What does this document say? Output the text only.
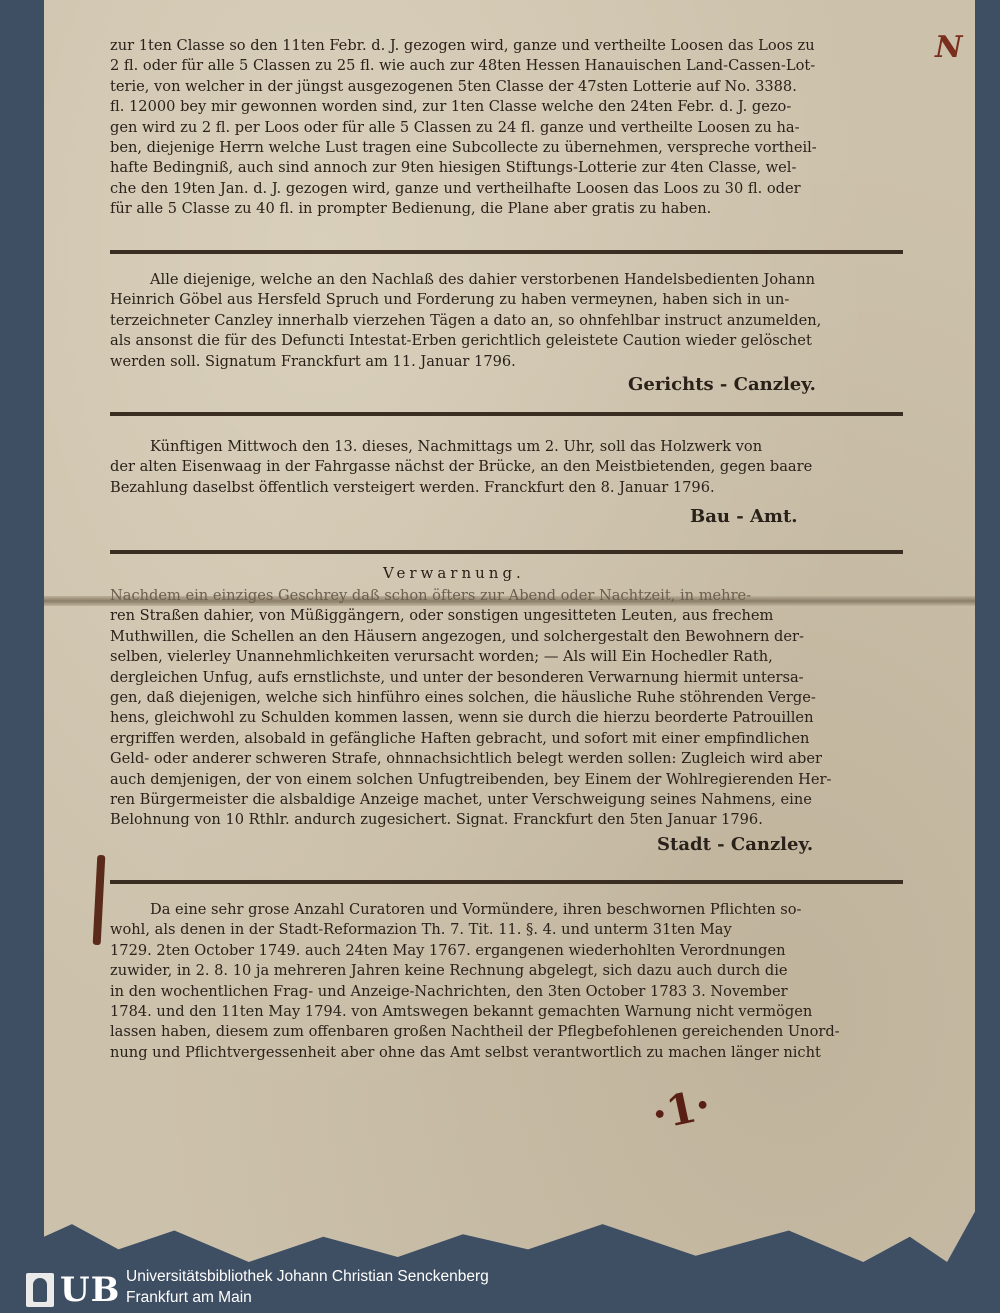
zur 1ten Classe so den 11ten Febr. d. J. gezogen wird, ganze und vertheilte Loosen das Loos zu
2 fl. oder für alle 5 Classen zu 25 fl. wie auch zur 48ten Hessen Hanauischen Land-Cassen-Lot-
terie, von welcher in der jüngst ausgezogenen 5ten Classe der 47sten Lotterie auf No. 3388.
fl. 12000 bey mir gewonnen worden sind, zur 1ten Classe welche den 24ten Febr. d. J. gezo-
gen wird zu 2 fl. per Loos oder für alle 5 Classen zu 24 fl. ganze und vertheilte Loosen zu ha-
ben, diejenige Herrn welche Lust tragen eine Subcollecte zu übernehmen, verspreche vortheil-
hafte Bedingniß, auch sind annoch zur 9ten hiesigen Stiftungs-Lotterie zur 4ten Classe, wel-
che den 19ten Jan. d. J. gezogen wird, ganze und vertheilhafte Loosen das Loos zu 30 fl. oder
für alle 5 Classe zu 40 fl. in prompter Bedienung, die Plane aber gratis zu haben.
Alle diejenige, welche an den Nachlaß des dahier verstorbenen Handelsbedienten Johann
Heinrich Göbel aus Hersfeld Spruch und Forderung zu haben vermeynen, haben sich in un-
terzeichneter Canzley innerhalb vierzehen Tägen a dato an, so ohnfehlbar instruct anzumelden,
als ansonst die für des Defuncti Intestat-Erben gerichtlich geleistete Caution wieder gelöschet
werden soll. Signatum Franckfurt am 11. Januar 1796.
Gerichts - Canzley.
Künftigen Mittwoch den 13. dieses, Nachmittags um 2. Uhr, soll das Holzwerk von
der alten Eisenwaag in der Fahrgasse nächst der Brücke, an den Meistbietenden, gegen baare
Bezahlung daselbst öffentlich versteigert werden. Franckfurt den 8. Januar 1796.
Bau - Amt.
Verwarnung.
Nachdem ein einziges Geschrey daß schon öfters zur Abend oder Nachtzeit, in mehre-
ren Straßen dahier, von Müßiggängern, oder sonstigen ungesitteten Leuten, aus frechem
Muthwillen, die Schellen an den Häusern angezogen, und solchergestalt den Bewohnern der-
selben, vielerley Unannehmlichkeiten verursacht worden; — Als will Ein Hochedler Rath,
dergleichen Unfug, aufs ernstlichste, und unter der besonderen Verwarnung hiermit untersa-
gen, daß diejenigen, welche sich hinführo eines solchen, die häusliche Ruhe stöhrenden Verge-
hens, gleichwohl zu Schulden kommen lassen, wenn sie durch die hierzu beorderte Patrouillen
ergriffen werden, alsobald in gefängliche Haften gebracht, und sofort mit einer empfindlichen
Geld- oder anderer schweren Strafe, ohnnachsichtlich belegt werden sollen: Zugleich wird aber
auch demjenigen, der von einem solchen Unfugtreibenden, bey Einem der Wohlregierenden Her-
ren Bürgermeister die alsbaldige Anzeige machet, unter Verschweigung seines Nahmens, eine
Belohnung von 10 Rthlr. andurch zugesichert. Signat. Franckfurt den 5ten Januar 1796.
Stadt - Canzley.
Da eine sehr grose Anzahl Curatoren und Vormündere, ihren beschwornen Pflichten so-
wohl, als denen in der Stadt-Reformazion Th. 7. Tit. 11. §. 4. und unterm 31ten May
1729. 2ten October 1749. auch 24ten May 1767. ergangenen wiederhohlten Verordnungen
zuwider, in 2. 8. 10 ja mehreren Jahren keine Rechnung abgelegt, sich dazu auch durch die
in den wochentlichen Frag- und Anzeige-Nachrichten, den 3ten October 1783 3. November
1784. und den 11ten May 1794. von Amtswegen bekannt gemachten Warnung nicht vermögen
lassen haben, diesem zum offenbaren großen Nachtheil der Pflegbefohlenen gereichenden Unord-
nung und Pflichtvergessenheit aber ohne das Amt selbst verantwortlich zu machen länger nicht
·1·
N
UB Universitätsbibliothek Johann Christian Senckenberg
Frankfurt am Main
